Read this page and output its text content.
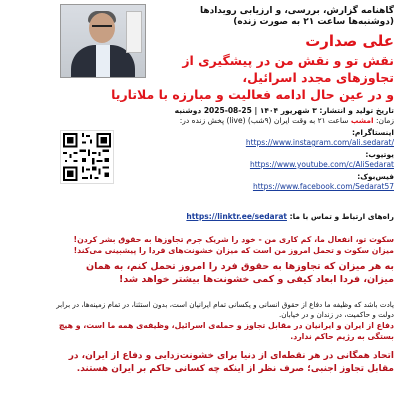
گاهنامه گزارش، بررسی، و ارزیابی رویدادها (دوشنبه‌ها ساعت ۲۱ به صورت زنده)
علی صدارت
نقش تو و نقش من در پیشگیری از
تجاوزهای مجدد اسرائیل،
و در عین حال ادامه فعالیت و مبارزه با ملاتاریا
تاریخ تولید و انتشار: ۳ شهریور ۱۴۰۴ | 25-08-2025 دوشنبه
زمان: امشب ساعت ۲۱ به وقت ایران (۹شب) (live) پخش زنده در:
اینستاگرام:
https://www.instagram.com/ali.sedarat/
یوتیوب:
https://www.youtube.com/c/AliSedarat
فیس‌بوک:
https://www.facebook.com/Sedarat57
راه‌های ارتباط و تماس با ما: https://linktr.ee/sedarat
سکوت تو، انفعال ما، کم کاری من - خود را شریک جرم تجاوزها به حقوق بشر کردن! میزان سکوت و تحمل امروز من است که میزان خشونت‌های فردا را پیشبینی می‌کند!
به هر میزان که تجاوزها به حقوق فرد را امروز تحمل کنم، به همان میزان، فردا ابعاد کیفی و کمی خشونت‌ها بیشتر خواهد شد!
یادت باشد که وظیفه ما دفاع از حقوق انسانی و یکسانی تمام ایرانیان است، بدون استثنا، در تمام زمینه‌ها، در برابر دولت و حاکمیت، در زندان و در خیابان.
دفاع از ایران و ایرانیان در مقابل تجاوز و حمله‌ی اسرائیل، وظیفه‌ی همه ما است، و هیچ بستگی به رژیم حاکم ندارد.
اتحاد همگانی در هر نقطه‌ای از دنیا برای خشونت‌زدایی و دفاع از ایران، در مقابل تجاوز اجنبی؛ صرف نظر از اینکه چه کسانی حاکم بر ایران هستند.
